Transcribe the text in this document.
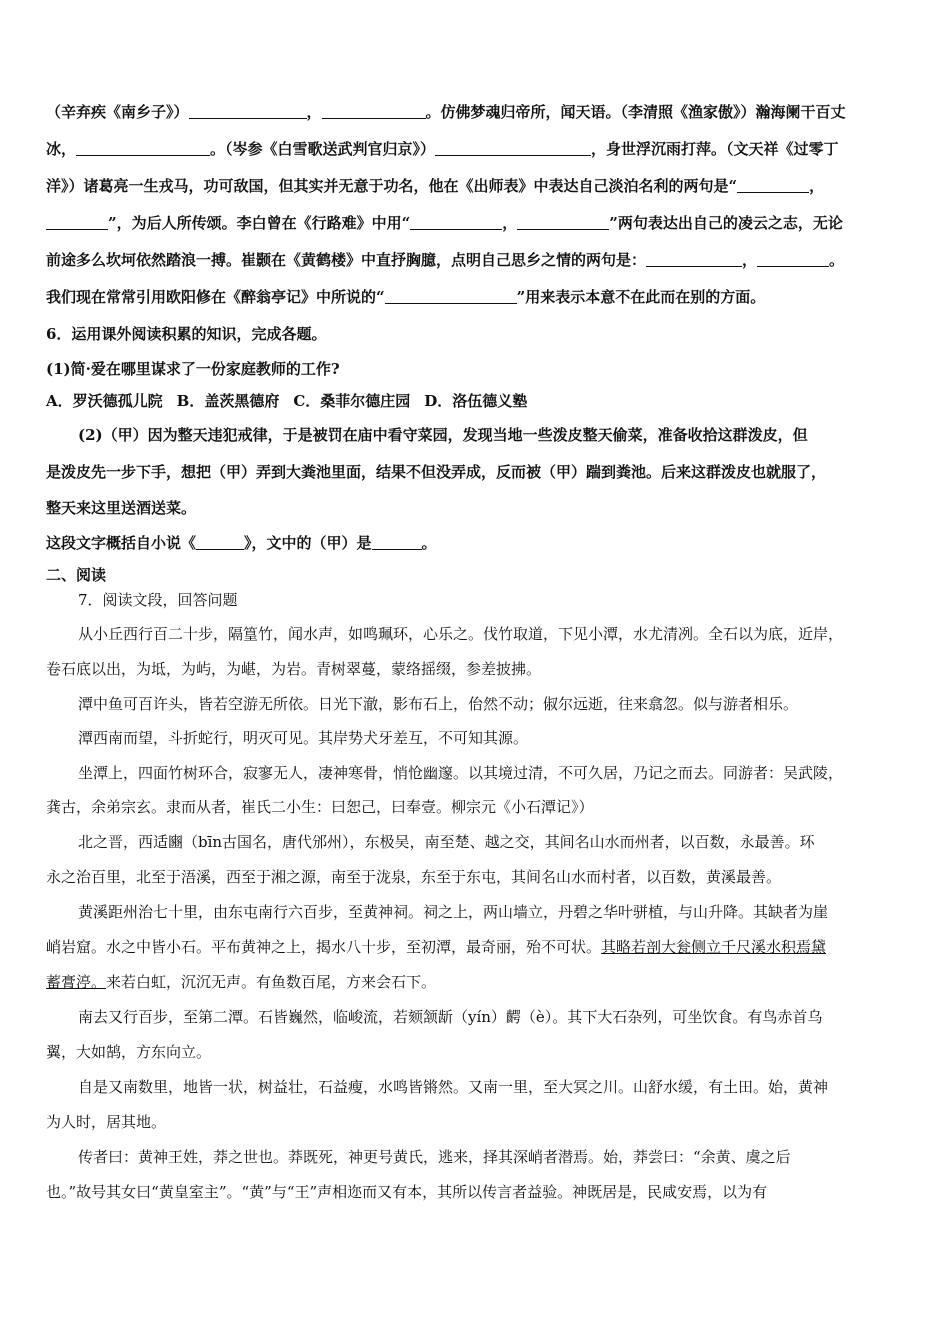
（辛弃疾《南乡子》）	，	。仿佛梦魂归帝所，闻天语。（李清照《渔家傲》）瀚海阑干百丈
冰，	。（岑参《白雪歌送武判官归京》）	，身世浮沉雨打萍。（文天祥《过零丁
洋》）诸葛亮一生戎马，功可敌国，但其实并无意于功名，他在《出师表》中表达自己淡泊名利的两句是“	，
”，为后人所传颂。李白曾在《行路难》中用“	，	”两句表达出自己的凌云之志，无论
前途多么坎坷依然踏浪一搏。崔颢在《黄鹤楼》中直抒胸臆，点明自己思乡之情的两句是：	，	。
我们现在常常引用欧阳修在《醉翁亭记》中所说的“	”用来表示本意不在此而在别的方面。
6．运用课外阅读积累的知识，完成各题。
(1)简·爱在哪里谋求了一份家庭教师的工作?
A．罗沃德孤儿院 B．盖茨黑德府 C．桑菲尔德庄园 D．洛伍德义塾
(2)（甲）因为整天违犯戒律，于是被罚在庙中看守菜园，发现当地一些泼皮整天偷菜，准备收拾这群泼皮，但
是泼皮先一步下手，想把（甲）弄到大粪池里面，结果不但没弄成，反而被（甲）踹到粪池。后来这群泼皮也就服了，
整天来这里送酒送菜。
这段文字概括自小说《	》，文中的（甲）是	。
二、阅读
7．阅读文段，回答问题
从小丘西行百二十步，隔篁竹，闻水声，如鸣珮环，心乐之。伐竹取道，下见小潭，水尤清冽。全石以为底，近岸，
卷石底以出，为坻，为屿，为嵁，为岩。青树翠蔓，蒙络摇缀，参差披拂。
潭中鱼可百许头，皆若空游无所依。日光下澈，影布石上，佁然不动；俶尔远逝，往来翕忽。似与游者相乐。
潭西南而望，斗折蛇行，明灭可见。其岸势犬牙差互，不可知其源。
坐潭上，四面竹树环合，寂寥无人，凄神寒骨，悄怆幽邃。以其境过清，不可久居，乃记之而去。同游者：吴武陵，
龚古，余弟宗玄。隶而从者，崔氏二小生：曰恕己，曰奉壹。柳宗元《小石潭记》）
北之晋，西适豳（bīn古国名，唐代邠州），东极吴，南至楚、越之交，其间名山水而州者，以百数，永最善。环
永之治百里，北至于浯溪，西至于湘之源，南至于泷泉，东至于东屯，其间名山水而村者，以百数，黄溪最善。
黄溪距州治七十里，由东屯南行六百步，至黄神祠。祠之上，两山墙立，丹碧之华叶骈植，与山升降。其缺者为崖
峭岩窟。水之中皆小石。平布黄神之上，揭水八十步，至初潭，最奇丽，殆不可状。其略若剖大瓮侧立千尺溪水积焉黛
蓄膏渟。来若白虹，沉沉无声。有鱼数百尾，方来会石下。
南去又行百步，至第二潭。石皆巍然，临峻流，若颏颔龂（yín）齶（è）。其下大石杂列，可坐饮食。有鸟赤首乌
翼，大如鹄，方东向立。
自是又南数里，地皆一状，树益壮，石益瘦，水鸣皆锵然。又南一里，至大冥之川。山舒水缓，有土田。始，黄神
为人时，居其地。
传者曰：黄神王姓，莽之世也。莽既死，神更号黄氏，逃来，择其深峭者潜焉。始，莽尝曰：“余黄、虞之后
也。”故号其女曰“黄皇室主”。“黄”与“王”声相迩而又有本，其所以传言者益验。神既居是，民咸安焉，以为有
